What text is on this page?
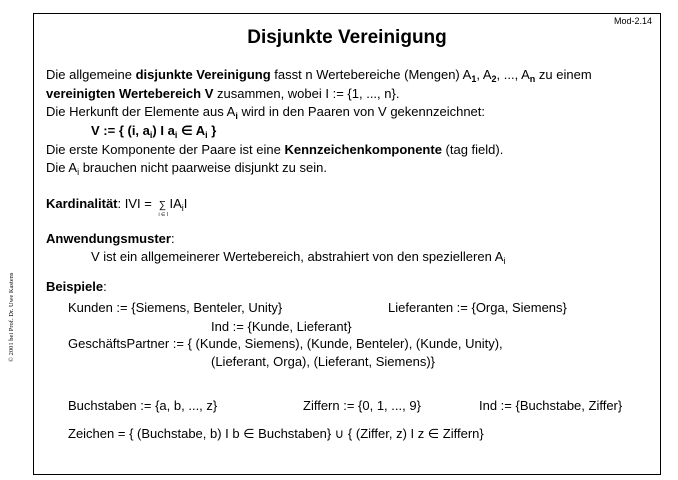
Mod-2.14
Disjunkte Vereinigung
© 2001 bei Prof. Dr. Uwe Kastens
Die allgemeine disjunkte Vereinigung fasst n Wertebereiche (Mengen) $A_1$, $A_2$, ..., $A_n$ zu einem
vereinigten Wertebereich V zusammen, wobei I := {1, ..., n}.
Die Herkunft der Elemente aus $A_i$ wird in den Paaren von V gekennzeichnet:
V := { (i, $a_i$) I $a_i$ ∈ $A_i$ }
Die erste Komponente der Paare ist eine Kennzeichenkomponente (tag field).
Die $A_i$ brauchen nicht paarweise disjunkt zu sein.
Kardinalität: IVI = ∑
i ∈ I
$IA_iI$
Anwendungsmuster:
V ist ein allgemeinerer Wertebereich, abstrahiert von den spezielleren $A_i$
Beispiele:
Kunden := {Siemens, Benteler, Unity}	Lieferanten := {Orga, Siemens}
Ind := {Kunde, Lieferant}
GeschäftsPartner := { (Kunde, Siemens), (Kunde, Benteler), (Kunde, Unity),
(Lieferant, Orga), (Lieferant, Siemens)}
Buchstaben := {a, b, ..., z}	Ziffern := {0, 1, ..., 9}	Ind := {Buchstabe, Ziffer}
Zeichen = { (Buchstabe, b) I b ∈ Buchstaben} ∪ { (Ziffer, z) I z ∈ Ziffern}
